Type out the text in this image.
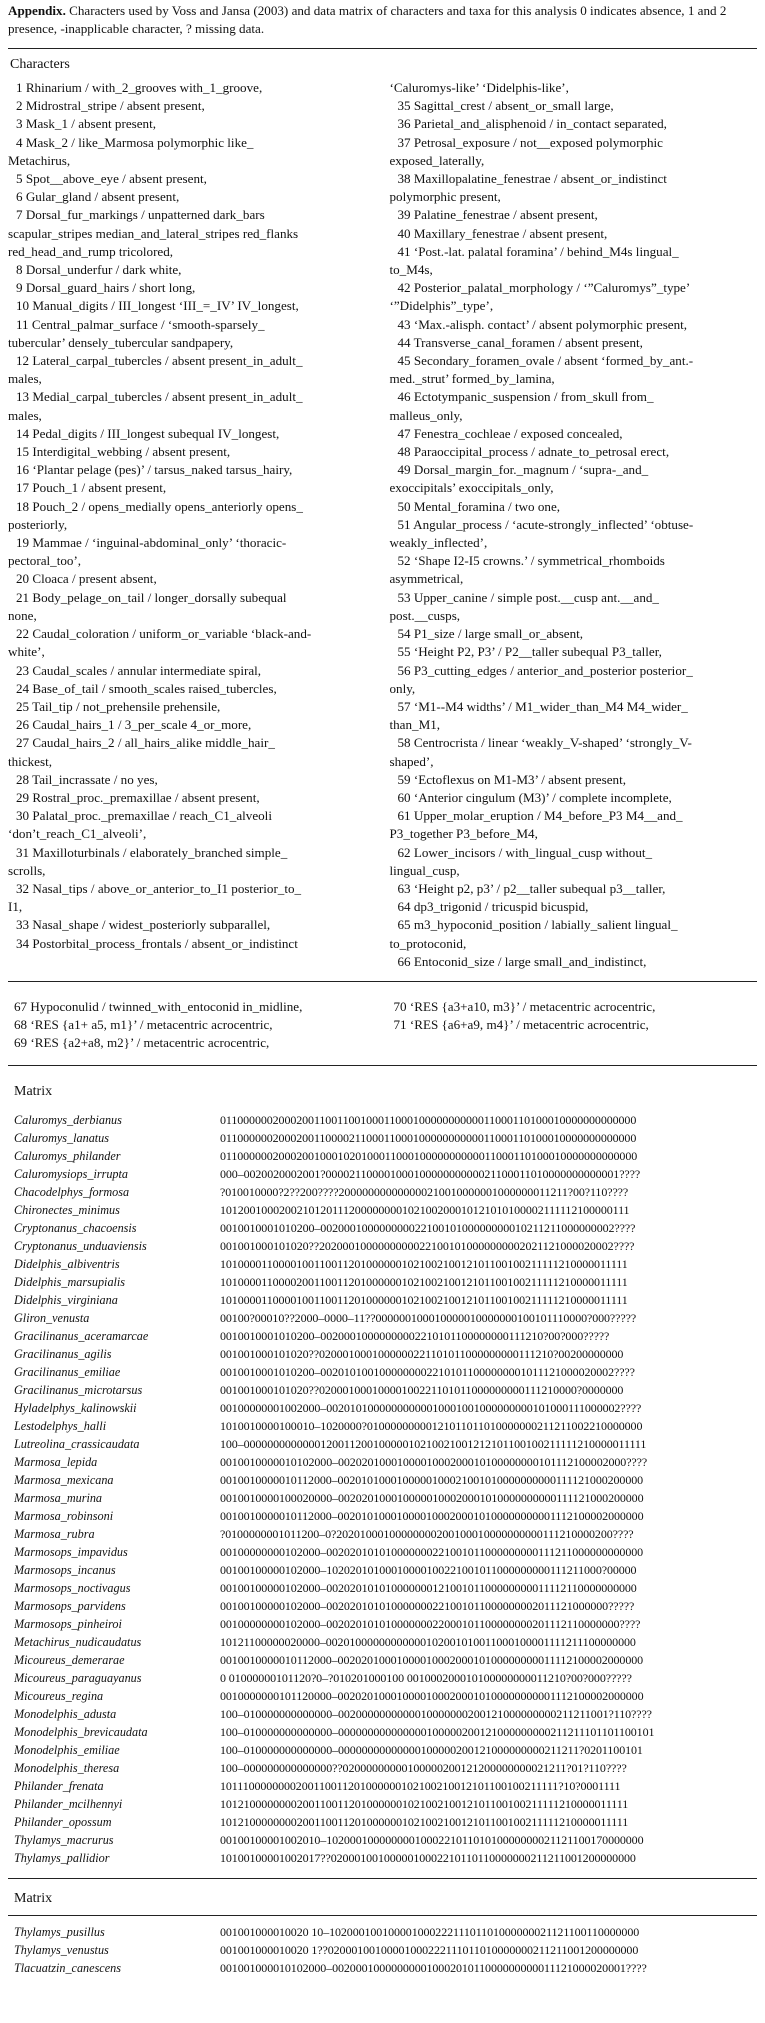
Appendix. Characters used by Voss and Jansa (2003) and data matrix of characters and taxa for this analysis 0 indicates absence, 1 and 2 presence, -inapplicable character, ? missing data.

Characters

1 Rhinarium / with_2_grooves with_1_groove,

2 Midrostral_stripe / absent present,

3 Mask_1 / absent present,

4 Mask_2 / like_Marmosa polymorphic like_

Metachirus,

5 Spot__above_eye / absent present,

6 Gular_gland / absent present,

7 Dorsal_fur_markings / unpatterned dark_bars

scapular_stripes median_and_lateral_stripes red_flanks

red_head_and_rump tricolored,

8 Dorsal_underfur / dark white,

9 Dorsal_guard_hairs / short long,

10 Manual_digits / III_longest ‘III_=_IV’ IV_longest,

11 Central_palmar_surface / ‘smooth-sparsely_

tubercular’ densely_tubercular sandpapery,

12 Lateral_carpal_tubercles / absent present_in_adult_

males,

13 Medial_carpal_tubercles / absent present_in_adult_

males,

14 Pedal_digits / III_longest subequal IV_longest,

15 Interdigital_webbing / absent present,

16 ‘Plantar pelage (pes)’ / tarsus_naked tarsus_hairy,

17 Pouch_1 / absent present,

18 Pouch_2 / opens_medially opens_anteriorly opens_

posteriorly,

19 Mammae / ‘inguinal-abdominal_only’ ‘thoracic-

pectoral_too’,

20 Cloaca / present absent,

21 Body_pelage_on_tail / longer_dorsally subequal

none,

22 Caudal_coloration / uniform_or_variable ‘black-and-

white’,

23 Caudal_scales / annular intermediate spiral,

24 Base_of_tail / smooth_scales raised_tubercles,

25 Tail_tip / not_prehensile prehensile,

26 Caudal_hairs_1 / 3_per_scale 4_or_more,

27 Caudal_hairs_2 / all_hairs_alike middle_hair_

thickest,

28 Tail_incrassate / no yes,

29 Rostral_proc._premaxillae / absent present,

30 Palatal_proc._premaxillae / reach_C1_alveoli

‘don’t_reach_C1_alveoli’,

31 Maxilloturbinals / elaborately_branched simple_

scrolls,

32 Nasal_tips / above_or_anterior_to_I1 posterior_to_

I1,

33 Nasal_shape / widest_posteriorly subparallel,

34 Postorbital_process_frontals / absent_or_indistinct

‘Caluromys-like’ ‘Didelphis-like’,

35 Sagittal_crest / absent_or_small large,

36 Parietal_and_alisphenoid / in_contact separated,

37 Petrosal_exposure / not__exposed polymorphic

exposed_laterally,

38 Maxillopalatine_fenestrae / absent_or_indistinct

polymorphic present,

39 Palatine_fenestrae / absent present,

40 Maxillary_fenestrae / absent present,

41 ‘Post.-lat. palatal foramina’ / behind_M4s lingual_

to_M4s,

42 Posterior_palatal_morphology / ‘”Caluromys”_type’

‘”Didelphis”_type’,

43 ‘Max.-alisph. contact’ / absent polymorphic present,

44 Transverse_canal_foramen / absent present,

45 Secondary_foramen_ovale / absent ‘formed_by_ant.-

med._strut’ formed_by_lamina,

46 Ectotympanic_suspension / from_skull from_

malleus_only,

47 Fenestra_cochleae / exposed concealed,

48 Paraoccipital_process / adnate_to_petrosal erect,

49 Dorsal_margin_for._magnum / ‘supra-_and_

exoccipitals’ exoccipitals_only,

50 Mental_foramina / two one,

51 Angular_process / ‘acute-strongly_inflected’ ‘obtuse-

weakly_inflected’,

52 ‘Shape I2-I5 crowns.’ / symmetrical_rhomboids

asymmetrical,

53 Upper_canine / simple post.__cusp ant.__and_

post.__cusps,

54 P1_size / large small_or_absent,

55 ‘Height P2, P3’ / P2__taller subequal P3_taller,

56 P3_cutting_edges / anterior_and_posterior posterior_

only,

57 ‘M1--M4 widths’ / M1_wider_than_M4 M4_wider_

than_M1,

58 Centrocrista / linear ‘weakly_V-shaped’ ‘strongly_V-

shaped’,

59 ‘Ectoflexus on M1-M3’ / absent present,

60 ‘Anterior cingulum (M3)’ / complete incomplete,

61 Upper_molar_eruption / M4_before_P3 M4__and_

P3_together P3_before_M4,

62 Lower_incisors / with_lingual_cusp without_

lingual_cusp,

63 ‘Height p2, p3’ / p2__taller subequal p3__taller,

64 dp3_trigonid / tricuspid bicuspid,

65 m3_hypoconid_position / labially_salient lingual_

to_protoconid,

66 Entoconid_size / large small_and_indistinct,

67 Hypoconulid / twinned_with_entoconid in_midline,

68 ‘RES {a1+ a5, m1}’ / metacentric acrocentric,

69 ‘RES {a2+a8, m2}’ / metacentric acrocentric,

70 ‘RES {a3+a10, m3}’ / metacentric acrocentric,

71 ‘RES {a6+a9, m4}’ / metacentric acrocentric,

Matrix
Caluromys_derbianus	01100000020002001100110010001100010000000000011000110100010000000000000
Caluromys_lanatus	01100000020002001100002110001100010000000000011000110100010000000000000
Caluromys_philander	01100000020002001000102010001100010000000000011000110100010000000000000
Caluromysiops_irrupta	000–0020020002001?00002110000100010000000000021100011010000000000001????
Chacodelphys_formosa	?010010000?2??200????200000000000000210010000001000000011211?00?110????
Chironectes_minimus	1012001000200210120111200000000102100200010121010100002111112100000111
Cryptonanus_chacoensis	0010010001010200–00200010000000002210010100000000010211211000000002????
Cryptonanus_unduaviensis	001001000101020??20200010000000000221001010000000002021121000020002????
Didelphis_albiventris	1010000110000100110011201000000102100210012101100100211111210000011111
Didelphis_marsupialis	1010000110000200110011201000000102100210012101100100211111210000011111
Didelphis_virginiana	1010000110000100110011201000000102100210012101100100211111210000011111
Gliron_venusta	00100?00010??2000–0000–11??000000100010000010000000100101110000?000?????
Gracilinanus_aceramarcae	0010010001010200–00200010000000002210101100000000111210?00?000?????
Gracilinanus_agilis	001001000101020??0200010001000000221101011000000000111210?00200000000
Gracilinanus_emiliae	0010010001010200–00201010010000000022101011000000001011121000020002????
Gracilinanus_microtarsus	001001000101020??02000100010000100221101011000000000111210000?0000000
Hyladelphys_kalinowskii	00100000001002000–00201010000000000010001001000000000101000111000002????
Lestodelphys_halli	1010010000100010–1020000?01000000000121011011010000000211211002210000000
Lutreolina_crassicaudata	100–000000000000012001120010000010210021001212101100100211111210000011111
Marmosa_lepida	0010010000010102000–0020201000100001000200010100000000101112100002000????
Marmosa_mexicana	0010010000010112000–0020101000100000100021001010000000000111121000200000
Marmosa_murina	0010010000100020000–0020201000100000100020001010000000000111121000200000
Marmosa_robinsoni	0010010000010112000–0020101000100001000200010100000000001112100002000000
Marmosa_rubra	?0100000001011200–0?20201000100000000200100010000000000111210000200????
Marmosops_impavidus	00100000000102000–002020101010000000221001011000000000111211000000000000
Marmosops_incanus	00100100000102000–10202010100010000100221001011000000000111211000?00000
Marmosops_noctivagus	00100100000102000–00202010101000000012100101100000000011112110000000000
Marmosops_parvidens	00100100000102000–002020101010000000221001011000000002011121000000?????
Marmosops_pinheiroi	00100000000102000–00202010101000000022000101100000000201112110000000????
Metachirus_nudicaudatus	10121100000020000–00201000000000000102001010011000100001111211100000000
Micoureus_demerarae	0010010000010112000–0020201000100001000200010100000000011112100002000000
Micoureus_paraguayanus	0 01000000101120?0–?010201000100 001000200010100000000011210?00?000?????
Micoureus_regina	0010000000101120000–0020201000100001000200010100000000001112100002000000
Monodelphis_adusta	100–010000000000000–0020000000000010000000200121000000000211211001?110????
Monodelphis_brevicaudata	100–010000000000000–000000000000000100000200121000000000211211101101100101
Monodelphis_emiliae	100–010000000000000–00000000000000100000200121000000000211211?0201100101
Monodelphis_theresa	100–000000000000000??02000000000100000200121200000000021211?01?110????
Philander_frenata	1011100000000200110011201000000102100210012101100100211111?10?0001111
Philander_mcilhennyi	1012100000000200110011201000000102100210012101100100211111210000011111
Philander_opossum	1012100000000200110011201000000102100210012101100100211111210000011111
Thylamys_macrurus	00100100001002010–102000100000000100022101101010000000021121100170000000
Thylamys_pallidior	10100100001002017??0200010010000010002210110110000000211211001200000000
Matrix
Thylamys_pusillus	001001000010020 10–10200010010000100022211101101000000021121100110000000
Thylamys_venustus	001001000010020 1??02000100100001000222111011010000000211211001200000000
Tlacuatzin_canescens	001001000010102000–00200010000000001000201011000000000011121000020001????
